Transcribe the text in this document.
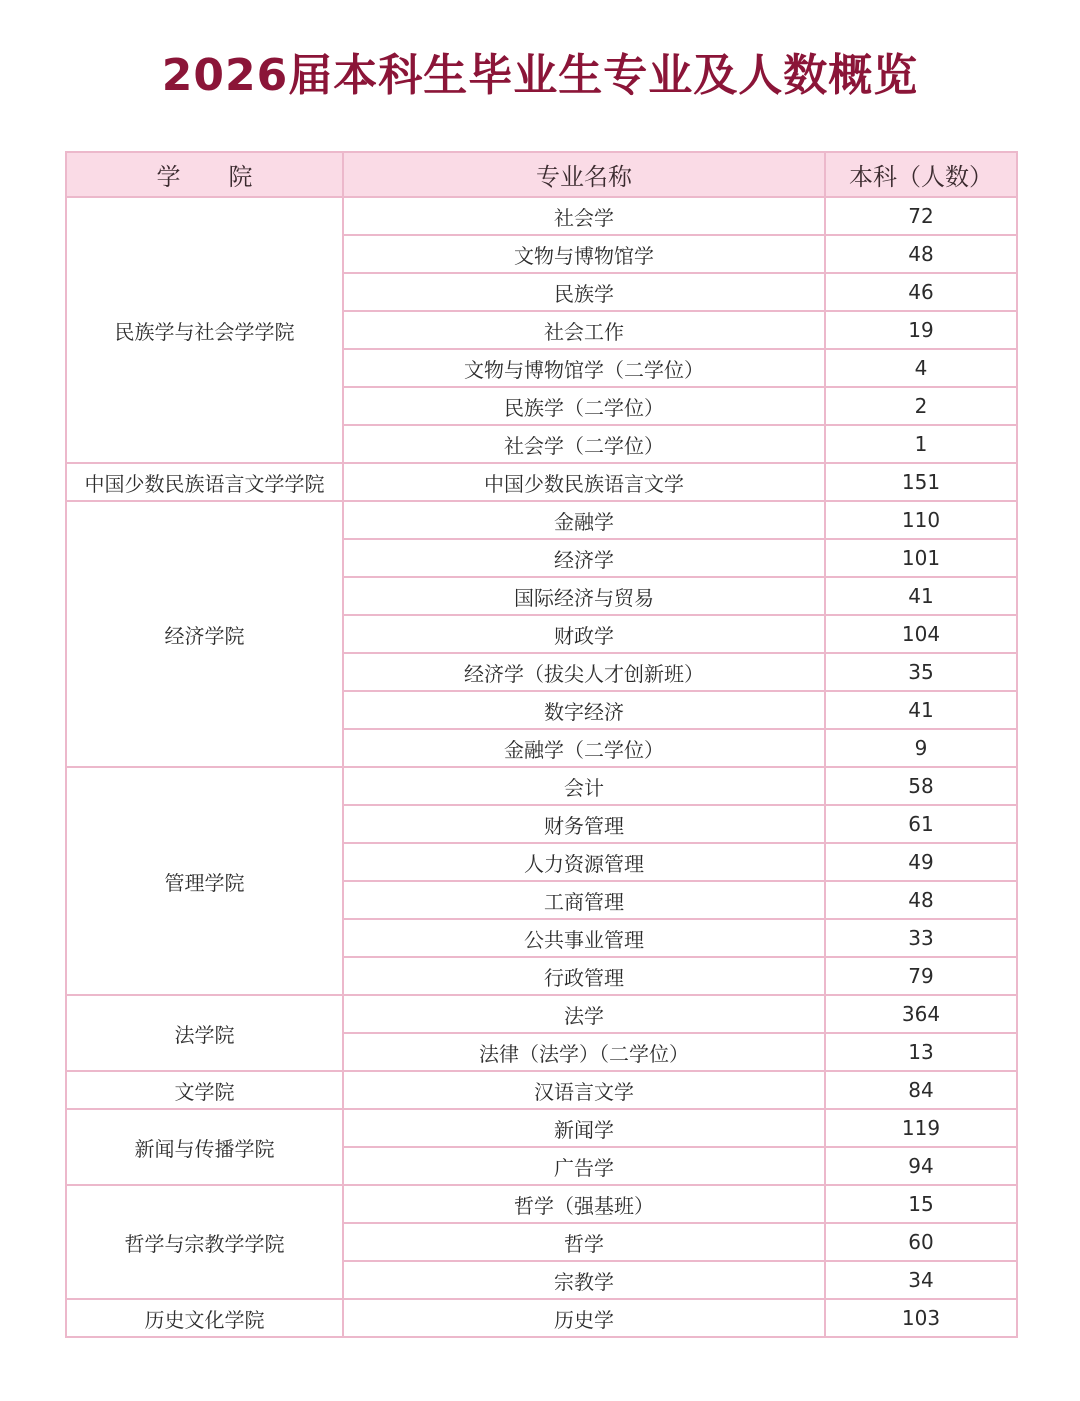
2026届本科生毕业生专业及人数概览
学　　院	专业名称	本科（人数）
民族学与社会学学院	社会学	72
	文物与博物馆学	48
	民族学	46
	社会工作	19
	文物与博物馆学（二学位）	4
	民族学（二学位）	2
	社会学（二学位）	1
中国少数民族语言文学学院	中国少数民族语言文学	151
经济学院	金融学	110
	经济学	101
	国际经济与贸易	41
	财政学	104
	经济学（拔尖人才创新班）	35
	数字经济	41
	金融学（二学位）	9
管理学院	会计	58
	财务管理	61
	人力资源管理	49
	工商管理	48
	公共事业管理	33
	行政管理	79
法学院	法学	364
	法律（法学）（二学位）	13
文学院	汉语言文学	84
新闻与传播学院	新闻学	119
	广告学	94
哲学与宗教学学院	哲学（强基班）	15
	哲学	60
	宗教学	34
历史文化学院	历史学	103
